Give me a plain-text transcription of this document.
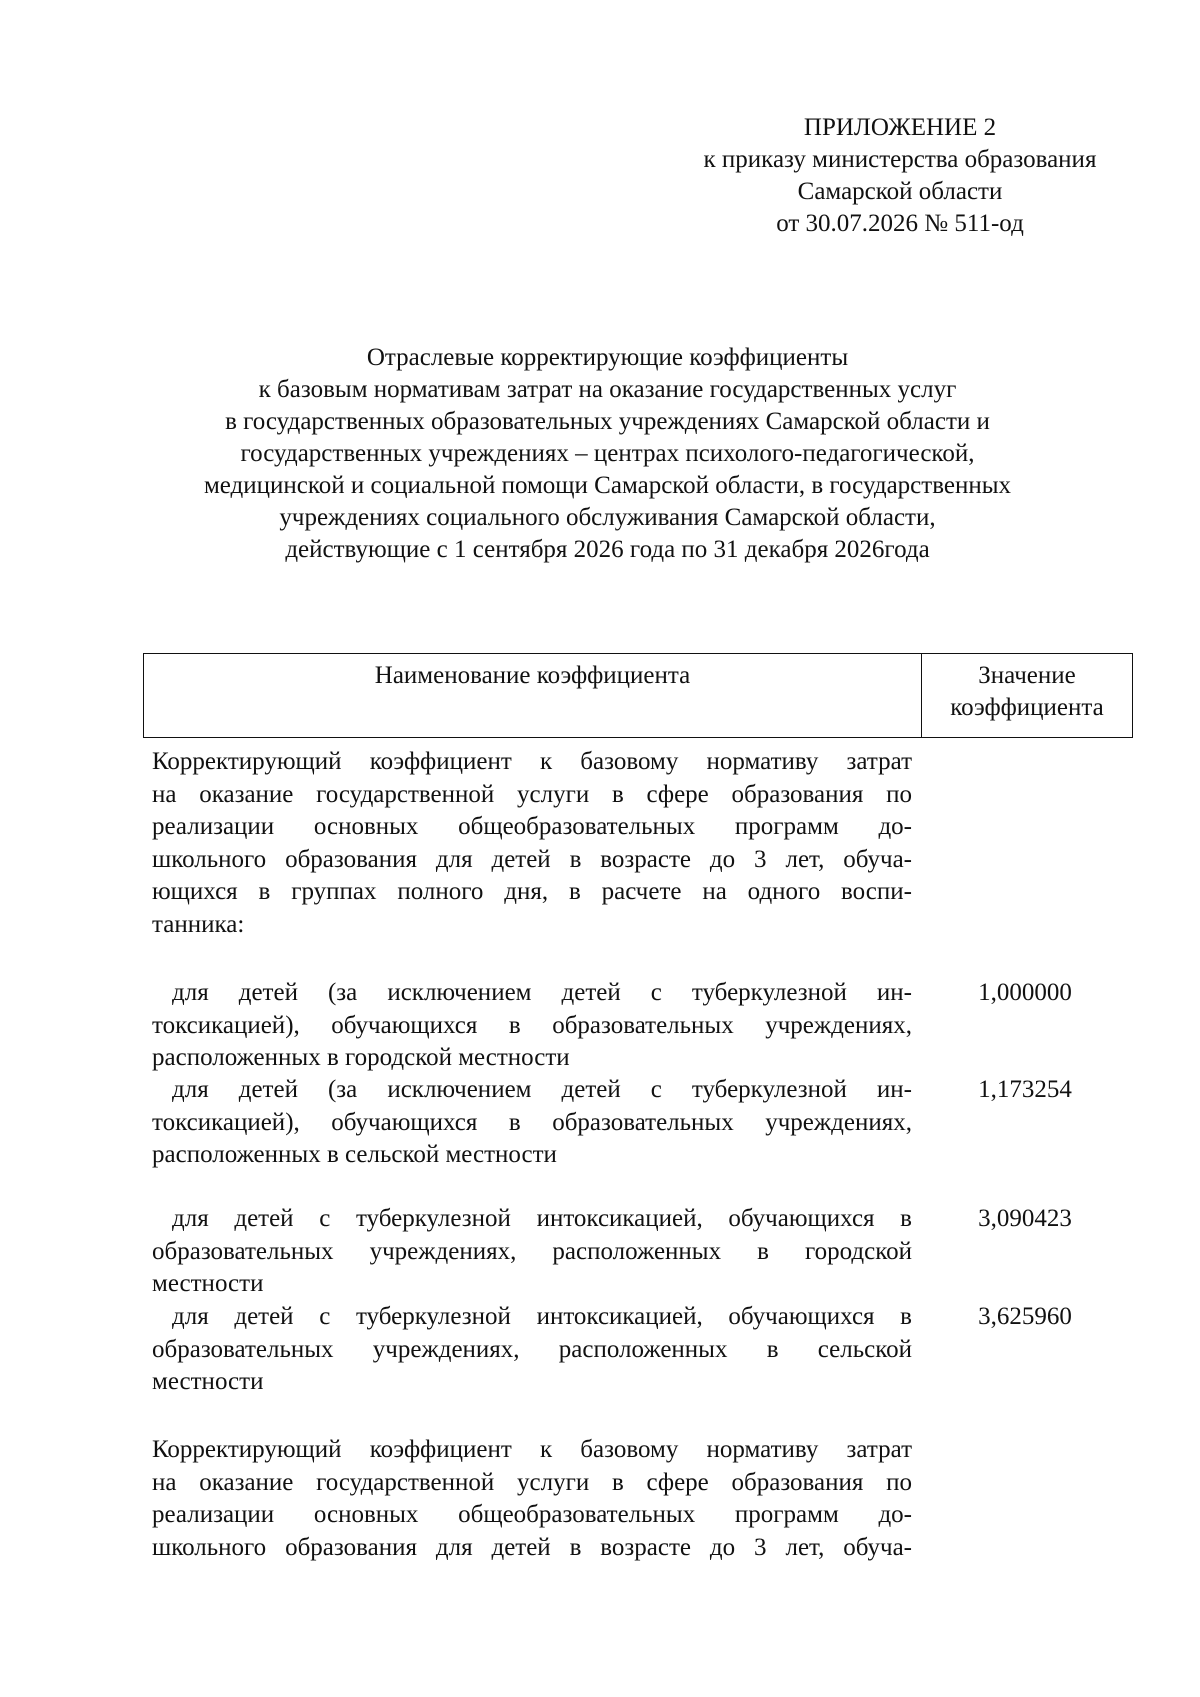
ПРИЛОЖЕНИЕ 2
к приказу министерства образования
Самарской области
от 30.07.2026 № 511-од
Отраслевые корректирующие коэффициенты
к базовым нормативам затрат на оказание государственных услуг
в государственных образовательных учреждениях Самарской области и
государственных учреждениях – центрах психолого-педагогической,
медицинской и социальной помощи Самарской области, в государственных
учреждениях социального обслуживания Самарской области,
действующие с 1 сентября 2026 года по 31 декабря 2026года
Наименование коэффициента	Значение
коэффициента
Корректирующий коэффициент к базовому нормативу затрат
на оказание государственной услуги в сфере образования по
реализации основных общеобразовательных программ до-
школьного образования для детей в возрасте до 3 лет, обуча-
ющихся в группах полного дня, в расчете на одного воспи-
танника:
для детей (за исключением детей с туберкулезной ин-
токсикацией), обучающихся в образовательных учреждениях,
расположенных в городской местности
1,000000
для детей (за исключением детей с туберкулезной ин-
токсикацией), обучающихся в образовательных учреждениях,
расположенных в сельской местности
1,173254
для детей с туберкулезной интоксикацией, обучающихся в
образовательных учреждениях, расположенных в городской
местности
3,090423
для детей с туберкулезной интоксикацией, обучающихся в
образовательных учреждениях, расположенных в сельской
местности
3,625960
Корректирующий коэффициент к базовому нормативу затрат
на оказание государственной услуги в сфере образования по
реализации основных общеобразовательных программ до-
школьного образования для детей в возрасте до 3 лет, обуча-
